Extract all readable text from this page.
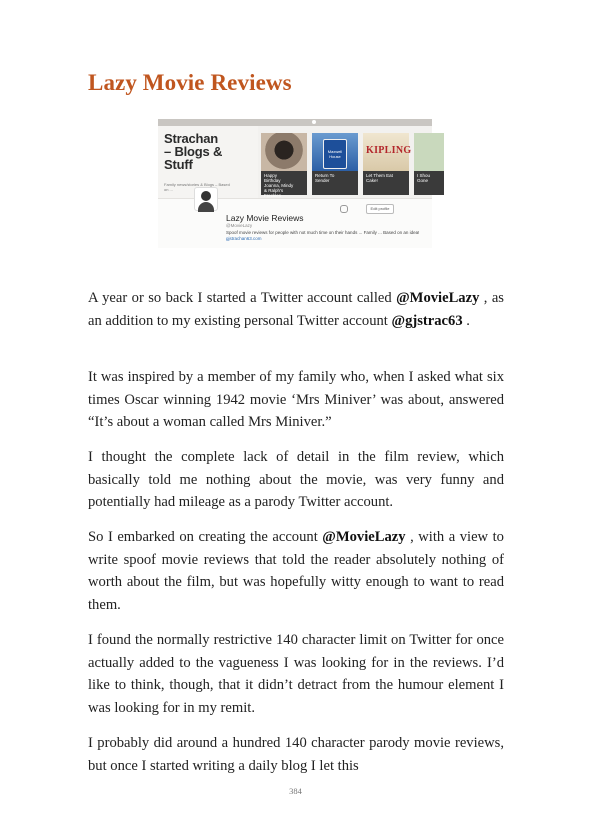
Lazy Movie Reviews
Strachan
– Blogs &
Stuff
Family news/stories & Blogs – Based on ...
Happy
Birthday
Joanna, Mindy
& Ralph's
Freckles
Maxwell House
Return To
Sender
KIPLING
Let Them Eat
Cake!
I Shou
Gone
Edit profile
Lazy Movie Reviews
@MovieLazy
Spoof movie reviews for people with not much time on their hands ... Family ... Based on an idea! gjstrachan63.com

A year or so back I started a Twitter account called @MovieLazy , as an addition to my existing personal Twitter account @gjstrac63 .

It was inspired by a member of my family who, when I asked what six times Oscar winning 1942 movie ‘Mrs Miniver’ was about, answered “It’s about a woman called Mrs Miniver.”

I thought the complete lack of detail in the film review, which basically told me nothing about the movie, was very funny and potentially had mileage as a parody Twitter account.

So I embarked on creating the account @MovieLazy , with a view to write spoof movie reviews that told the reader absolutely nothing of worth about the film, but was hopefully witty enough to want to read them.

I found the normally restrictive 140 character limit on Twitter for once actually added to the vagueness I was looking for in the reviews. I’d like to think, though, that it didn’t detract from the humour element I was looking for in my remit.

I probably did around a hundred 140 character parody movie reviews, but once I started writing a daily blog I let this

384
